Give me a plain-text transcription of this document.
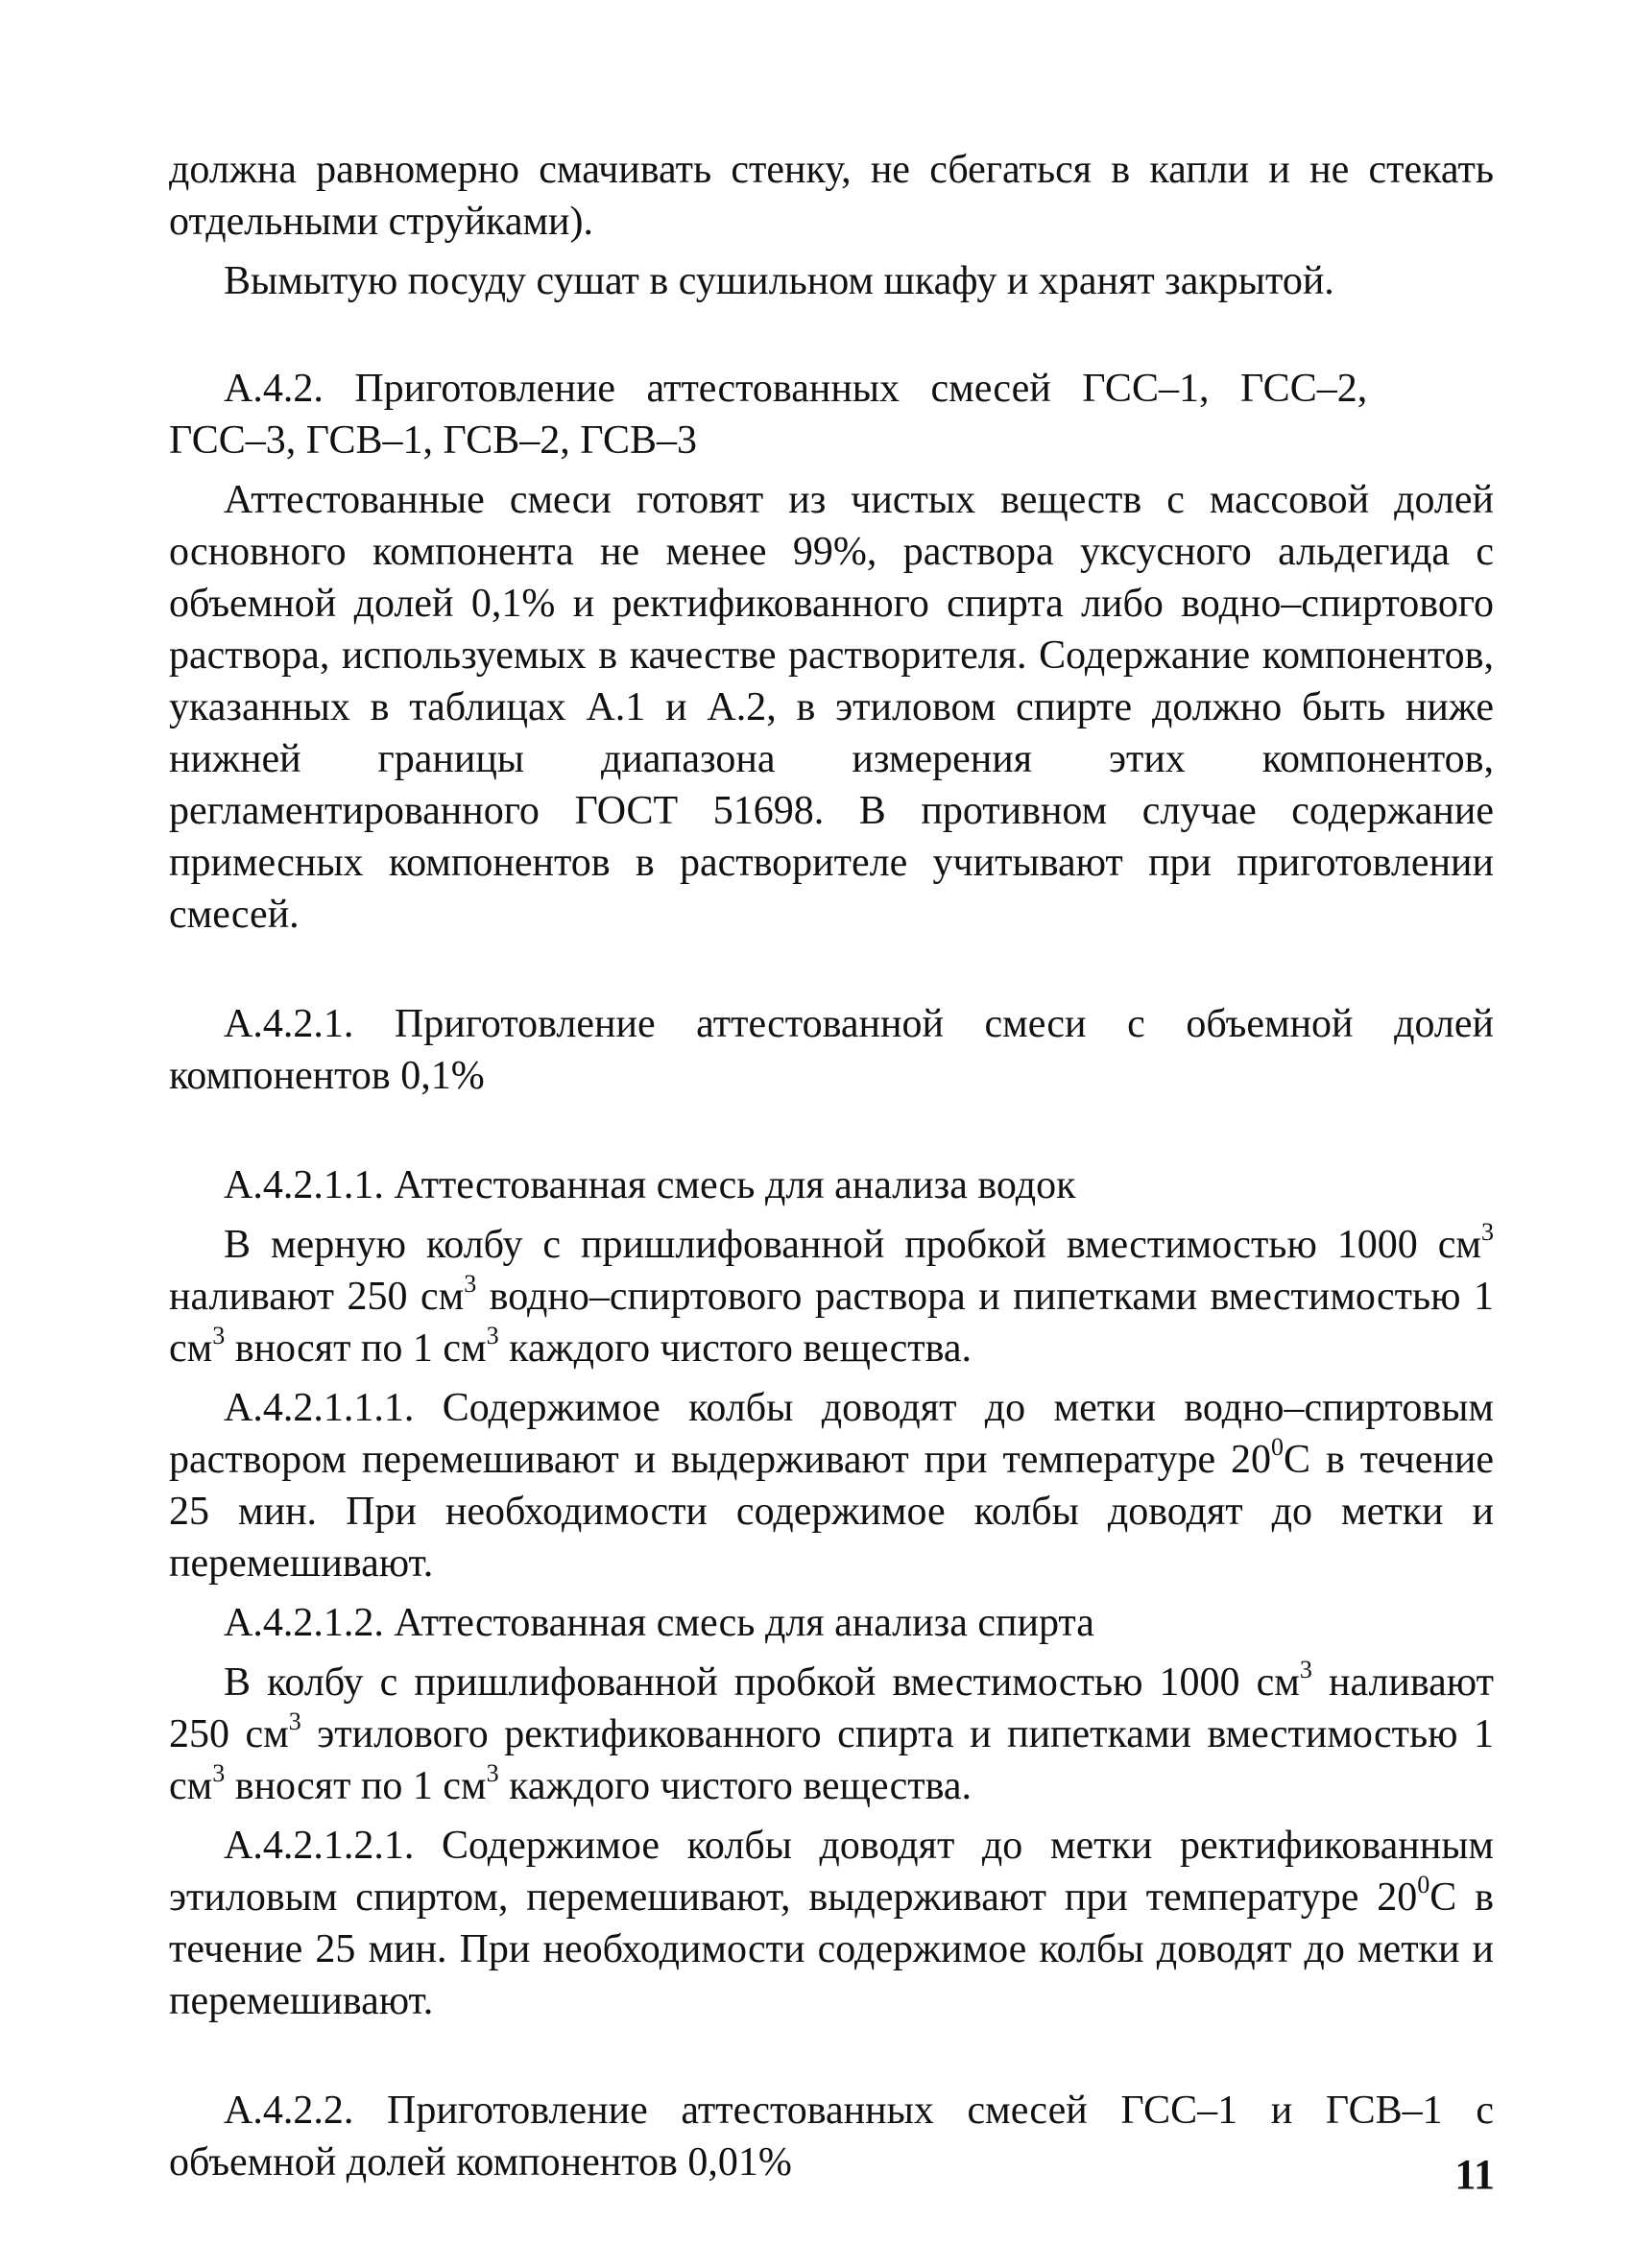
должна равномерно смачивать стенку, не сбегаться в капли и не стекать отдельными струйками).

Вымытую посуду сушат в сушильном шкафу и хранят закрытой.

А.4.2. Приготовление аттестованных смесей ГСС–1, ГСС–2,

ГСС–3, ГСВ–1, ГСВ–2, ГСВ–3

Аттестованные смеси готовят из чистых веществ с массовой долей основного компонента не менее 99%, раствора уксусного альдегида с объемной долей 0,1% и ректификованного спирта либо водно–спиртового раствора, используемых в качестве растворителя. Содержание компонентов, указанных в таблицах А.1 и А.2, в этиловом спирте должно быть ниже нижней границы диапазона измерения этих компонентов, регламентированного ГОСТ 51698. В противном случае содержание примесных компонентов в растворителе учитывают при приготовлении смесей.

А.4.2.1. Приготовление аттестованной смеси с объемной долей компонентов 0,1%

А.4.2.1.1. Аттестованная смесь для анализа водок

В мерную колбу с пришлифованной пробкой вместимостью 1000 $см^3$ наливают 250 $см^3$ водно–спиртового раствора и пипетками вместимостью 1 $см^3$ вносят по 1 $см^3$ каждого чистого вещества.

А.4.2.1.1.1. Содержимое колбы доводят до метки водно–спиртовым раствором перемешивают и выдерживают при температуре $20^0С$ в течение 25 мин. При необходимости содержимое колбы доводят до метки и перемешивают.

А.4.2.1.2. Аттестованная смесь для анализа спирта

В колбу с пришлифованной пробкой вместимостью 1000 $см^3$ наливают 250 $см^3$ этилового ректификованного спирта и пипетками вместимостью 1 $см^3$ вносят по 1 $см^3$ каждого чистого вещества.

А.4.2.1.2.1. Содержимое колбы доводят до метки ректификованным этиловым спиртом, перемешивают, выдерживают при температуре $20^0С$ в течение 25 мин. При необходимости содержимое колбы доводят до метки и перемешивают.

А.4.2.2. Приготовление аттестованных смесей ГСС–1 и ГСВ–1 с объемной долей компонентов 0,01%	11
